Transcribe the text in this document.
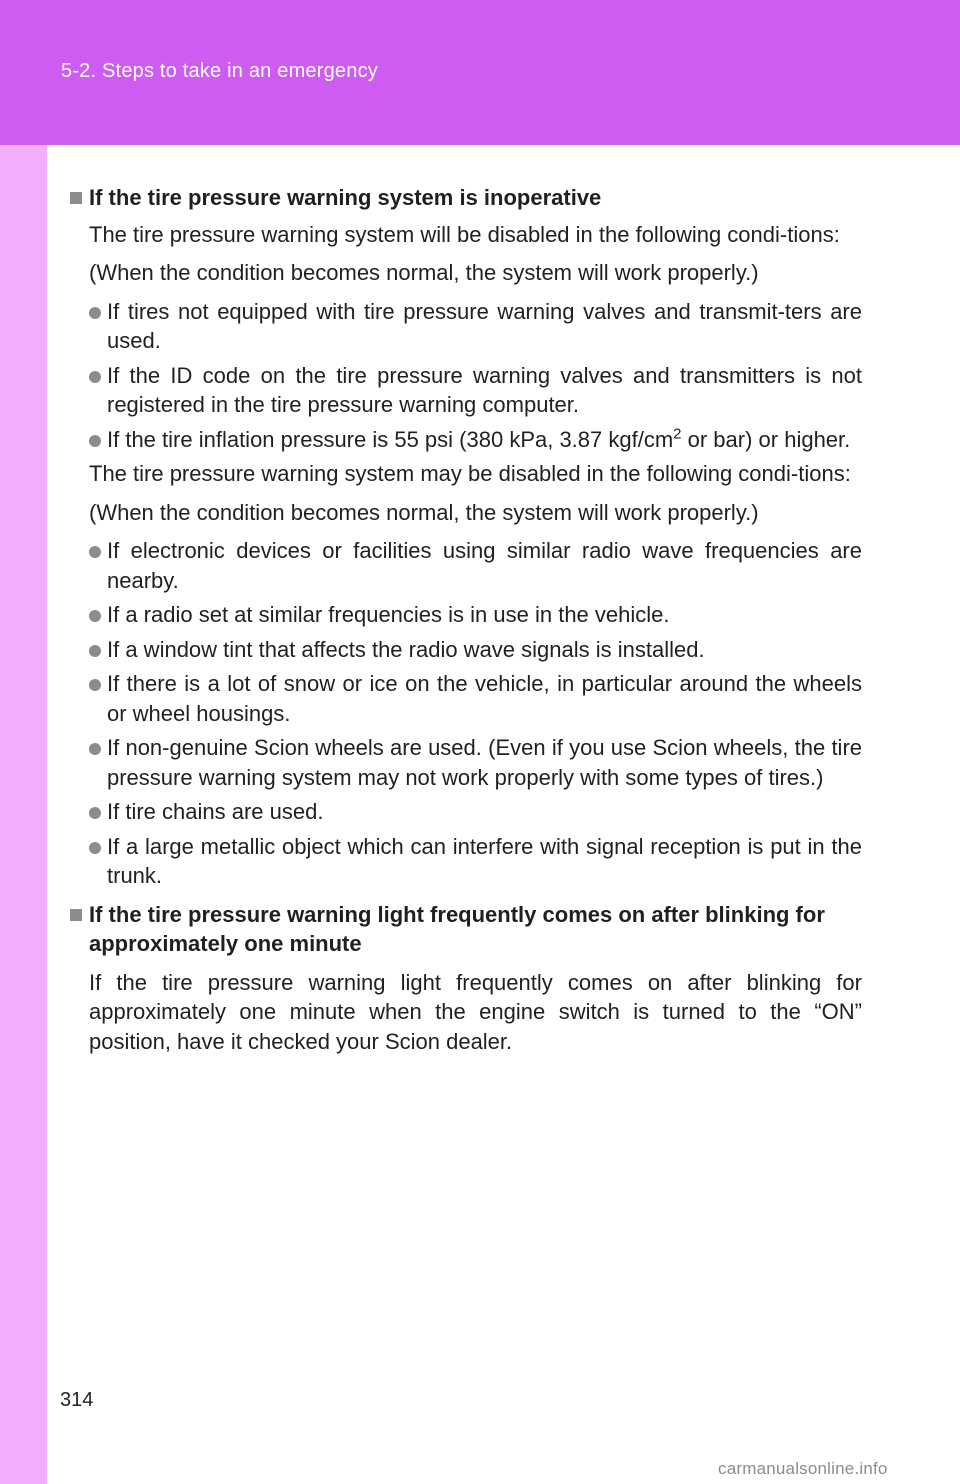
5-2. Steps to take in an emergency
If the tire pressure warning system is inoperative

The tire pressure warning system will be disabled in the following condi-tions:

(When the condition becomes normal, the system will work properly.)

If tires not equipped with tire pressure warning valves and transmit-ters are used.
If the ID code on the tire pressure warning valves and transmitters is not registered in the tire pressure warning computer.
If the tire inflation pressure is 55 psi (380 kPa, 3.87 kgf/$cm^2$ or bar) or higher.

The tire pressure warning system may be disabled in the following condi-tions:

(When the condition becomes normal, the system will work properly.)

If electronic devices or facilities using similar radio wave frequencies are nearby.
If a radio set at similar frequencies is in use in the vehicle.
If a window tint that affects the radio wave signals is installed.
If there is a lot of snow or ice on the vehicle, in particular around the wheels or wheel housings.
If non-genuine Scion wheels are used. (Even if you use Scion wheels, the tire pressure warning system may not work properly with some types of tires.)
If tire chains are used.
If a large metallic object which can interfere with signal reception is put in the trunk.
If the tire pressure warning light frequently comes on after blinking for approximately one minute

If the tire pressure warning light frequently comes on after blinking for approximately one minute when the engine switch is turned to the “ON” position, have it checked your Scion dealer.

314
carmanualsonline.info
